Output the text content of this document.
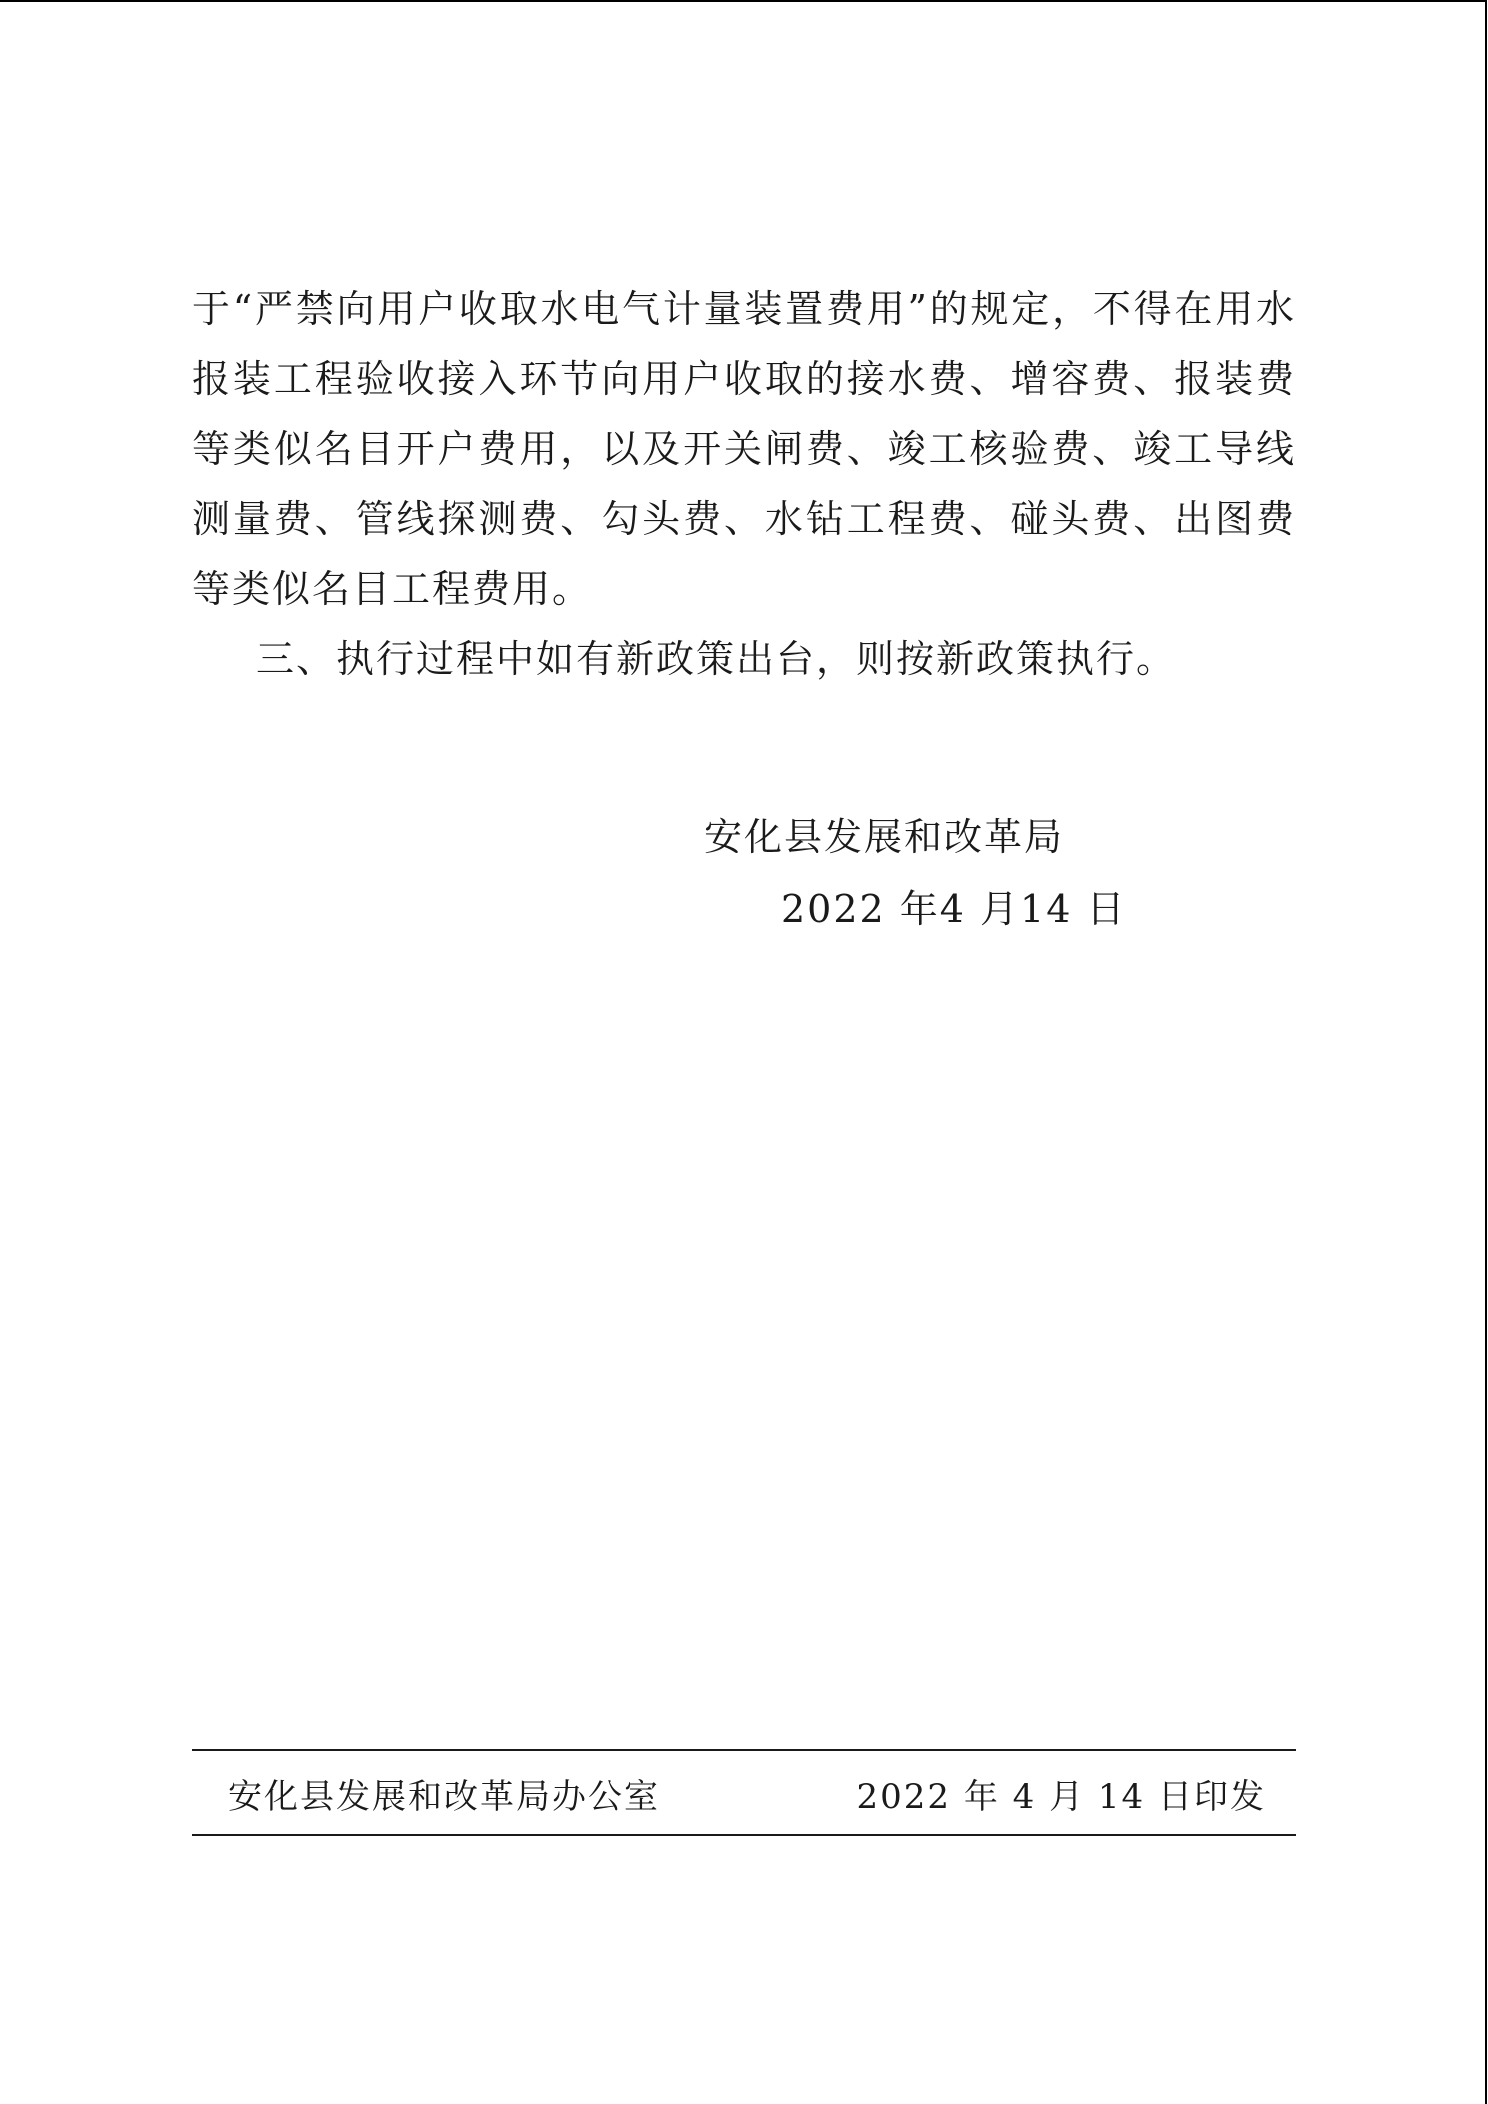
于“严禁向用户收取水电气计量装置费用”的规定，不得在用水报装工程验收接入环节向用户收取的接水费、增容费、报装费等类似名目开户费用，以及开关闸费、竣工核验费、竣工导线测量费、管线探测费、勾头费、水钻工程费、碰头费、出图费等类似名目工程费用。

三、执行过程中如有新政策出台，则按新政策执行。

安化县发展和改革局
2022 年4 月14 日
安化县发展和改革局办公室	2022 年 4 月 14 日印发
